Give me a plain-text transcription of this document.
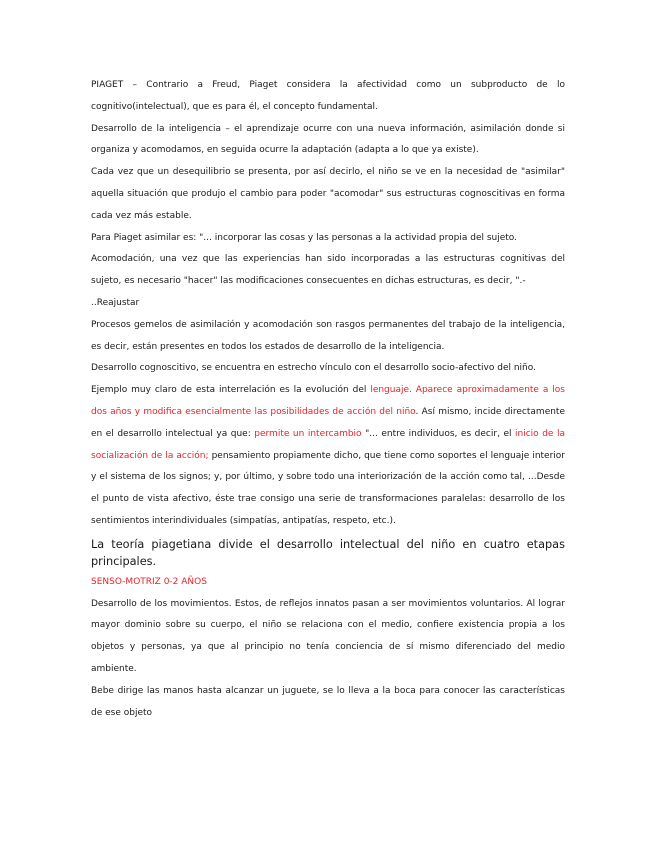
PIAGET – Contrario a Freud, Piaget considera la afectividad como un subproducto de lo cognitivo(intelectual), que es para él, el concepto fundamental.

Desarrollo de la inteligencia – el aprendizaje ocurre con una nueva información, asimilación donde si organiza y acomodamos, en seguida ocurre la adaptación (adapta a lo que ya existe).

Cada vez que un desequilibrio se presenta, por así decirlo, el niño se ve en la necesidad de "asimilar" aquella situación que produjo el cambio para poder "acomodar" sus estructuras cognoscitivas en forma cada vez más estable.

Para Piaget asimilar es: "... incorporar las cosas y las personas a la actividad propia del sujeto.

Acomodación, una vez que las experiencias han sido incorporadas a las estructuras cognitivas del sujeto, es necesario "hacer" las modificaciones consecuentes en dichas estructuras, es decir, ".-
..Reajustar

Procesos gemelos de asimilación y acomodación son rasgos permanentes del trabajo de la inteligencia, es decir, están presentes en todos los estados de desarrollo de la inteligencia.

Desarrollo cognoscitivo, se encuentra en estrecho vínculo con el desarrollo socio-afectivo del niño.

Ejemplo muy claro de esta interrelación es la evolución del lenguaje. Aparece aproximadamente a los dos años y modifica esencialmente las posibilidades de acción del niño. Así mismo, incide directamente en el desarrollo intelectual ya que: permite un intercambio "... entre individuos, es decir, el inicio de la socialización de la acción; pensamiento propiamente dicho, que tiene como soportes el lenguaje interior y el sistema de los signos; y, por último, y sobre todo una interiorización de la acción como tal, ...Desde el punto de vista afectivo, éste trae consigo una serie de transformaciones paralelas: desarrollo de los sentimientos interindividuales (simpatías, antipatías, respeto, etc.).

La teoría piagetiana divide el desarrollo intelectual del niño en cuatro etapas principales.

SENSO-MOTRIZ 0-2 AÑOS

Desarrollo de los movimientos. Estos, de reflejos innatos pasan a ser movimientos voluntarios. Al lograr mayor dominio sobre su cuerpo, el niño se relaciona con el medio, confiere existencia propia a los objetos y personas, ya que al principio no tenía conciencia de sí mismo diferenciado del medio ambiente.

Bebe dirige las manos hasta alcanzar un juguete, se lo lleva a la boca para conocer las características de ese objeto
